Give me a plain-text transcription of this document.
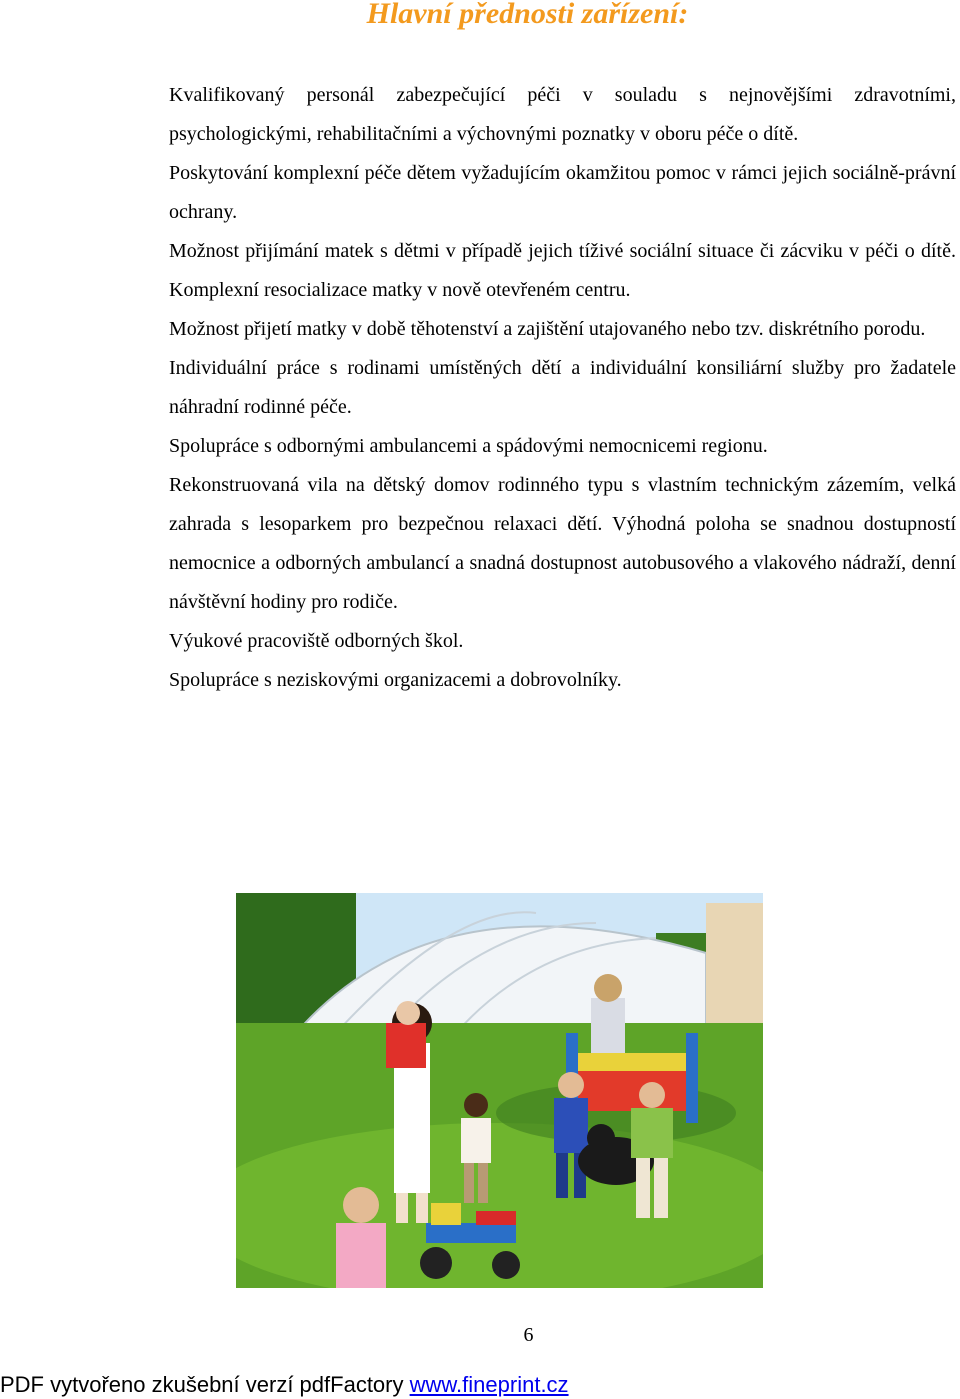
Hlavní přednosti zařízení:

Kvalifikovaný personál zabezpečující péči v souladu s nejnovějšími zdravotními, psychologickými, rehabilitačními a výchovnými poznatky v oboru péče o dítě.

Poskytování komplexní péče dětem vyžadujícím okamžitou pomoc v rámci jejich sociálně-právní ochrany.

Možnost přijímání matek s dětmi v případě jejich tíživé sociální situace či zácviku v péči o dítě. Komplexní resocializace matky v nově otevřeném centru.

Možnost přijetí matky v době těhotenství a zajištění utajovaného nebo tzv. diskrétního porodu.

Individuální práce s rodinami umístěných dětí a individuální konsiliární služby pro žadatele náhradní rodinné péče.

Spolupráce s odbornými ambulancemi a spádovými nemocnicemi regionu.

Rekonstruovaná vila na dětský domov rodinného typu s vlastním technickým zázemím, velká zahrada s lesoparkem pro bezpečnou relaxaci dětí. Výhodná poloha se snadnou dostupností nemocnice a odborných ambulancí a snadná dostupnost autobusového a vlakového nádraží, denní návštěvní hodiny pro rodiče.

Výukové pracoviště odborných škol.

Spolupráce s neziskovými organizacemi a dobrovolníky.

6
PDF vytvořeno zkušební verzí pdfFactory www.fineprint.cz
